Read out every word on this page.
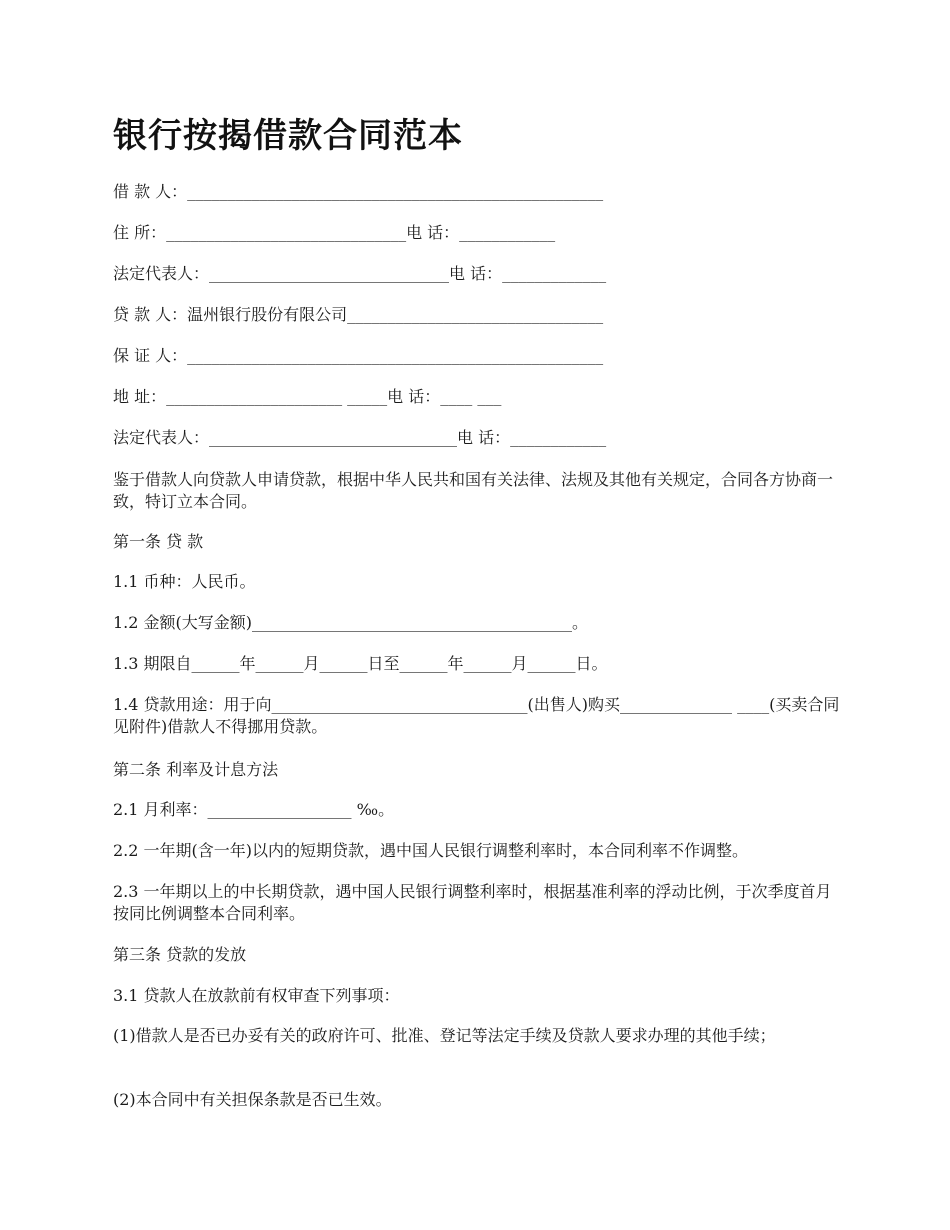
银行按揭借款合同范本

借 款 人：____________________________________________________

住 所：______________________________电 话：____________

法定代表人：______________________________电 话：_____________

贷 款 人：温州银行股份有限公司________________________________

保 证 人：____________________________________________________

地 址：______________________ _____电 话：____ ___

法定代表人：_______________________________电 话：____________

鉴于借款人向贷款人申请贷款，根据中华人民共和国有关法律、法规及其他有关规定，合同各方协商一致，特订立本合同。

第一条 贷 款

1.1 币种：人民币。

1.2 金额(大写金额)________________________________________。

1.3 期限自______年______月______日至______年______月______日。

1.4 贷款用途：用于向________________________________(出售人)购买______________ ____(买卖合同见附件)借款人不得挪用贷款。

第二条 利率及计息方法

2.1 月利率：__________________ ‰。

2.2 一年期(含一年)以内的短期贷款，遇中国人民银行调整利率时，本合同利率不作调整。

2.3 一年期以上的中长期贷款，遇中国人民银行调整利率时，根据基准利率的浮动比例，于次季度首月按同比例调整本合同利率。

第三条 贷款的发放

3.1 贷款人在放款前有权审查下列事项：

(1)借款人是否已办妥有关的政府许可、批准、登记等法定手续及贷款人要求办理的其他手续；

(2)本合同中有关担保条款是否已生效。
